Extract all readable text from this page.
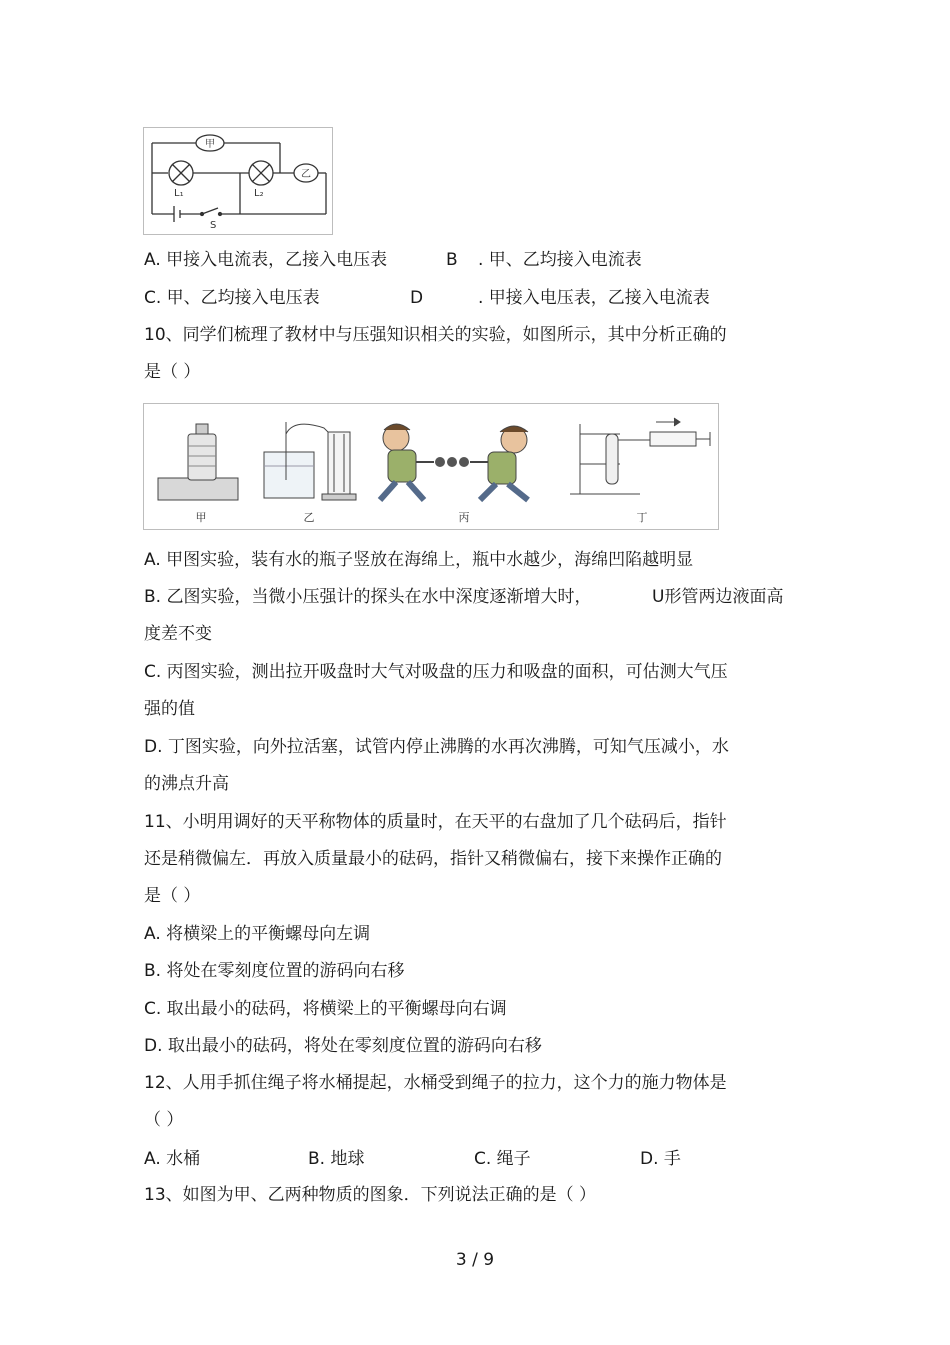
甲
乙
L₁	L₂
S
A. 甲接入电流表，乙接入电压表	B . 甲、乙均接入电流表
C. 甲、乙均接入电压表	D	. 甲接入电压表，乙接入电流表
10、同学们梳理了教材中与压强知识相关的实验，如图所示，其中分析正确的
是（ ）
甲	乙	丙	丁
A. 甲图实验，装有水的瓶子竖放在海绵上，瓶中水越少，海绵凹陷越明显
B. 乙图实验，当微小压强计的探头在水中深度逐渐增大时，	U形管两边液面高
度差不变
C. 丙图实验，测出拉开吸盘时大气对吸盘的压力和吸盘的面积，可估测大气压
强的值
D. 丁图实验，向外拉活塞，试管内停止沸腾的水再次沸腾，可知气压减小，水
的沸点升高
11、小明用调好的天平称物体的质量时，在天平的右盘加了几个砝码后，指针
还是稍微偏左．再放入质量最小的砝码，指针又稍微偏右，接下来操作正确的
是（ ）
A. 将横梁上的平衡螺母向左调
B. 将处在零刻度位置的游码向右移
C. 取出最小的砝码，将横梁上的平衡螺母向右调
D. 取出最小的砝码，将处在零刻度位置的游码向右移
12、人用手抓住绳子将水桶提起，水桶受到绳子的拉力，这个力的施力物体是
（ ）
A. 水桶	B. 地球	C. 绳子	D. 手
13、如图为甲、乙两种物质的图象．下列说法正确的是（ ）
3 / 9
